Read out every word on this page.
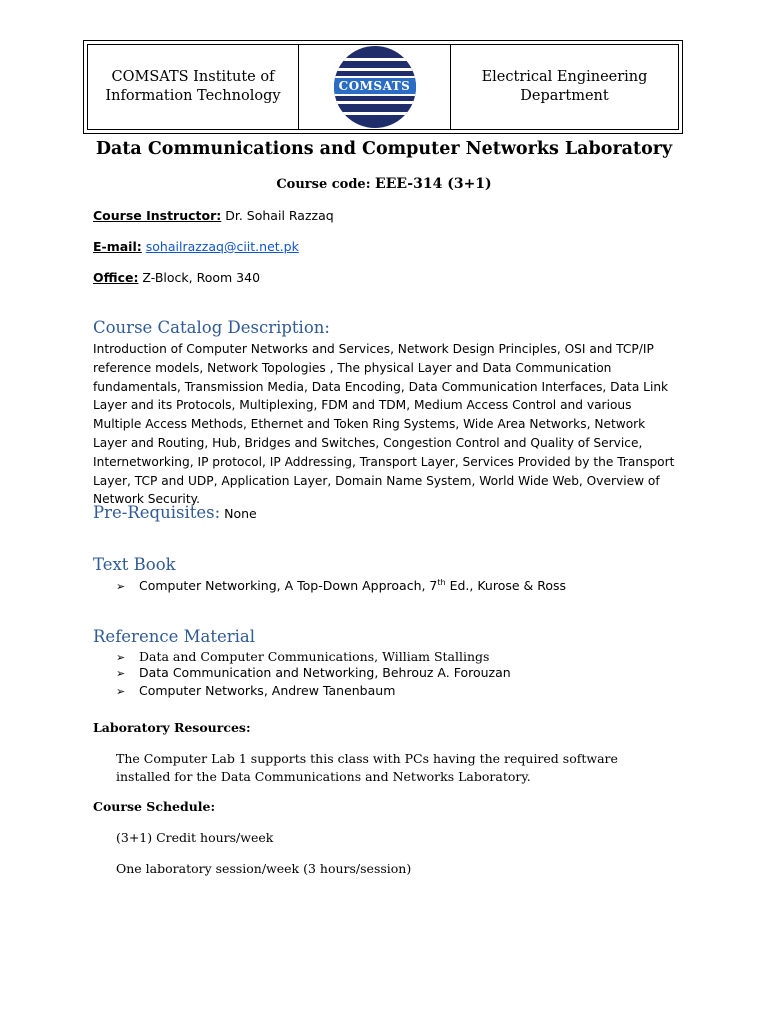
COMSATS Institute of
Information Technology
COMSATS
Electrical Engineering
Department
Data Communications and Computer Networks Laboratory
Course code: EEE-314 (3+1)
Course Instructor: Dr. Sohail Razzaq
E-mail: sohailrazzaq@ciit.net.pk
Office: Z-Block, Room 340
Course Catalog Description:
Introduction of Computer Networks and Services, Network Design Principles, OSI and TCP/IP reference models, Network Topologies , The physical Layer and Data Communication fundamentals, Transmission Media, Data Encoding, Data Communication Interfaces, Data Link Layer and its Protocols, Multiplexing, FDM and TDM, Medium Access Control and various Multiple Access Methods, Ethernet and Token Ring Systems, Wide Area Networks, Network Layer and Routing, Hub, Bridges and Switches, Congestion Control and Quality of Service, Internetworking, IP protocol, IP Addressing, Transport Layer, Services Provided by the Transport Layer, TCP and UDP, Application Layer, Domain Name System, World Wide Web, Overview of Network Security.
Pre-Requisites: None
Text Book
➢ Computer Networking, A Top-Down Approach, 7th Ed., Kurose & Ross
Reference Material
➢ Data and Computer Communications, William Stallings
➢ Data Communication and Networking, Behrouz A. Forouzan
➢ Computer Networks, Andrew Tanenbaum
Laboratory Resources:
The Computer Lab 1 supports this class with PCs having the required software installed for the Data Communications and Networks Laboratory.
Course Schedule:
(3+1) Credit hours/week
One laboratory session/week (3 hours/session)
